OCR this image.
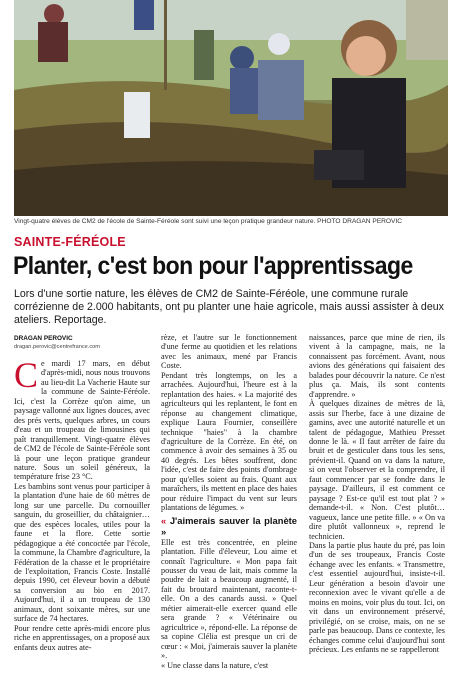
Vingt-quatre élèves de CM2 de l'école de Sainte-Féréole sont suivi une leçon pratique grandeur nature. PHOTO DRAGAN PEROVIC
SAINTE-FÉRÉOLE
Planter, c'est bon pour l'apprentissage

Lors d'une sortie nature, les élèves de CM2 de Sainte-Féréole, une commune rurale corrézienne de 2.000 habitants, ont pu planter une haie agricole, mais aussi assister à deux ateliers. Reportage.

DRAGAN PEROVIC
dragan.perovic@centrefrance.com

Ce mardi 17 mars, en début d'après-midi, nous nous trouvons au lieu-dit La Vacherie Haute sur la commune de Sainte-Féréole. Ici, c'est la Corrèze qu'on aime, un paysage vallonné aux lignes douces, avec des prés verts, quelques arbres, un cours d'eau et un troupeau de limousines qui paît tranquillement. Vingt-quatre élèves de CM2 de l'école de Sainte-Féréole sont là pour une leçon pratique grandeur nature. Sous un soleil généreux, la température frise 23 °C.

Les bambins sont venus pour participer à la plantation d'une haie de 60 mètres de long sur une parcelle. Du cornouiller sanguin, du groseillier, du châtaignier… que des espèces locales, utiles pour la faune et la flore. Cette sortie pédagogique a été concoctée par l'école, la commune, la Chambre d'agriculture, la Fédération de la chasse et le propriétaire de l'exploitation, Francis Coste. Installé depuis 1990, cet éleveur bovin a débuté sa conversion au bio en 2017. Aujourd'hui, il a un troupeau de 130 animaux, dont soixante mères, sur une surface de 74 hectares.

Pour rendre cette après-midi encore plus riche en apprentissages, on a proposé aux enfants deux autres ate-

rèze, et l'autre sur le fonctionnement d'une ferme au quotidien et les relations avec les animaux, mené par Francis Coste.

Pendant très longtemps, on les a arrachées. Aujourd'hui, l'heure est à la replantation des haies. « La majorité des agriculteurs qui les replantent, le font en réponse au changement climatique, explique Laura Fournier, conseillère technique "haies" à la chambre d'agriculture de la Corrèze. En été, on commence à avoir des semaines à 35 ou 40 degrés. Les bêtes souffrent, donc l'idée, c'est de faire des points d'ombrage pour qu'elles soient au frais. Quant aux maraîchers, ils mettent en place des haies pour réduire l'impact du vent sur leurs plantations de légumes. »

« J'aimerais sauver la planète »

Elle est très concentrée, en pleine plantation. Fille d'éleveur, Lou aime et connaît l'agriculture. « Mon papa fait pousser du veau de lait, mais comme la poudre de lait a beaucoup augmenté, il fait du broutard maintenant, raconte-t-elle. On a des canards aussi. » Quel métier aimerait-elle exercer quand elle sera grande ? « Vétérinaire ou agricultrice », répond-elle. La réponse de sa copine Clélia est presque un cri de cœur : « Moi, j'aimerais sauver la planète ».

« Une classe dans la nature, c'est

naissances, parce que mine de rien, ils vivent à la campagne, mais, ne la connaissent pas forcément. Avant, nous avions des générations qui faisaient des balades pour découvrir la nature. Ce n'est plus ça. Mais, ils sont contents d'apprendre. »

À quelques dizaines de mètres de là, assis sur l'herbe, face à une dizaine de gamins, avec une autorité naturelle et un talent de pédagogue, Mathieu Presset donne le là. « Il faut arrêter de faire du bruit et de gesticuler dans tous les sens, prévient-il. Quand on va dans la nature, si on veut l'observer et la comprendre, il faut commencer par se fondre dans le paysage. D'ailleurs, il est comment ce paysage ? Est-ce qu'il est tout plat ? » demande-t-il. « Non. C'est plutôt… vagueux, lance une petite fille. » « On va dire plutôt vallonneux », reprend le technicien.

Dans la partie plus haute du pré, pas loin d'un de ses troupeaux, Francis Coste échange avec les enfants. « Transmettre, c'est essentiel aujourd'hui, insiste-t-il. Leur génération a besoin d'avoir une reconnexion avec le vivant qu'elle a de moins en moins, voir plus du tout. Ici, on vit dans un environnement préservé, privilégié, on se croise, mais, on ne se parle pas beaucoup. Dans ce contexte, les échanges comme celui d'aujourd'hui sont précieux. Les enfants ne se rappelleront
